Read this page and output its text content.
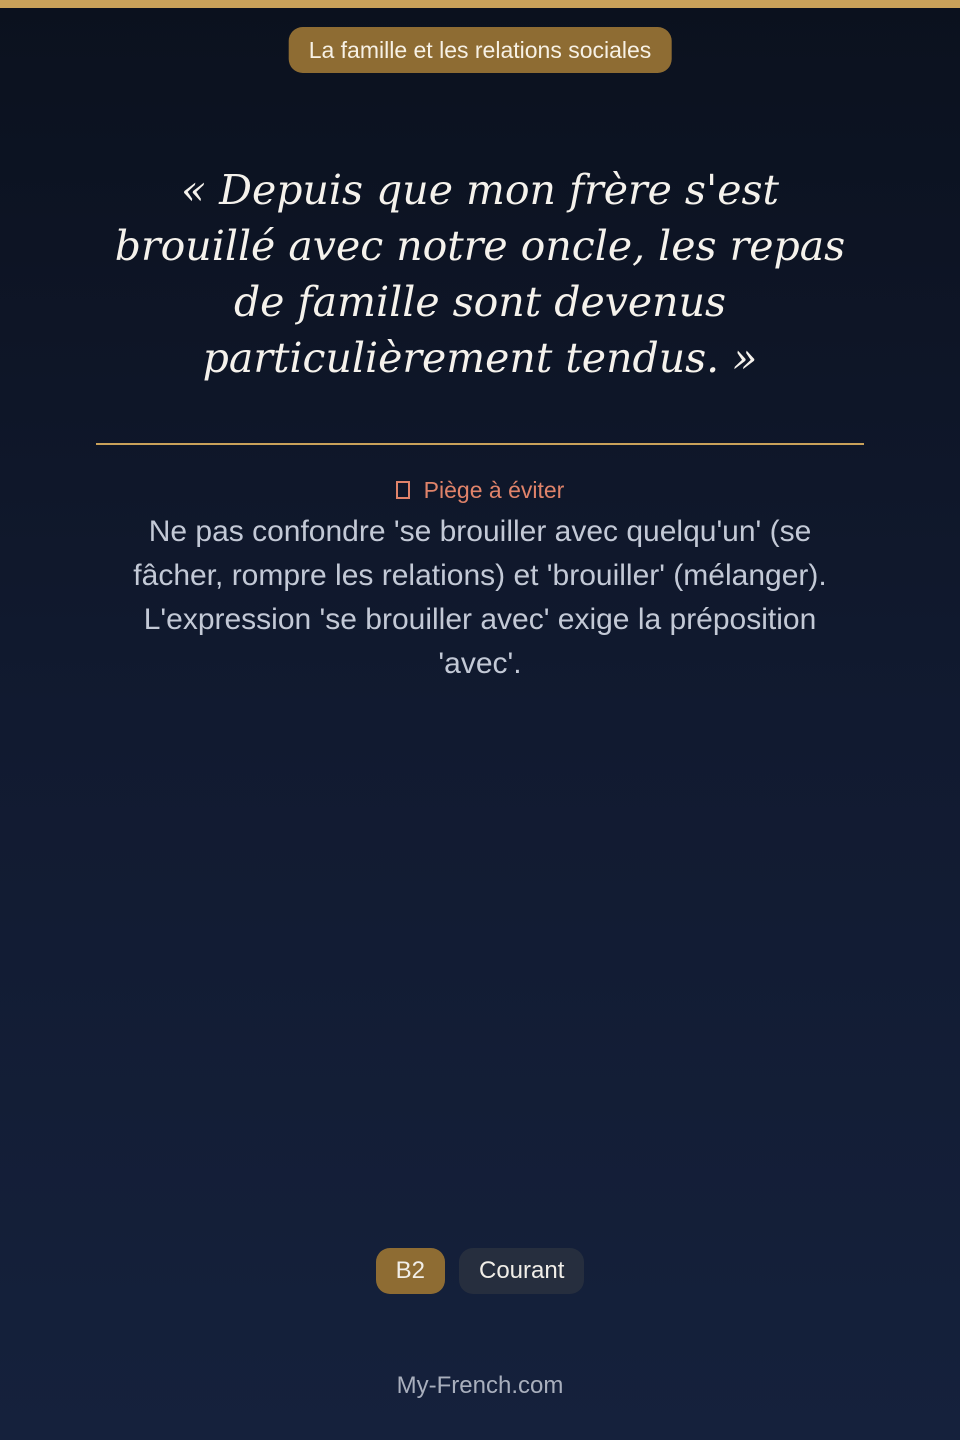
La famille et les relations sociales

« Depuis que mon frère s'est brouillé avec notre oncle, les repas de famille sont devenus particulièrement tendus. »

Piège à éviter

Ne pas confondre 'se brouiller avec quelqu'un' (se fâcher, rompre les relations) et 'brouiller' (mélanger). L'expression 'se brouiller avec' exige la préposition 'avec'.

B2 Courant
My-French.com
